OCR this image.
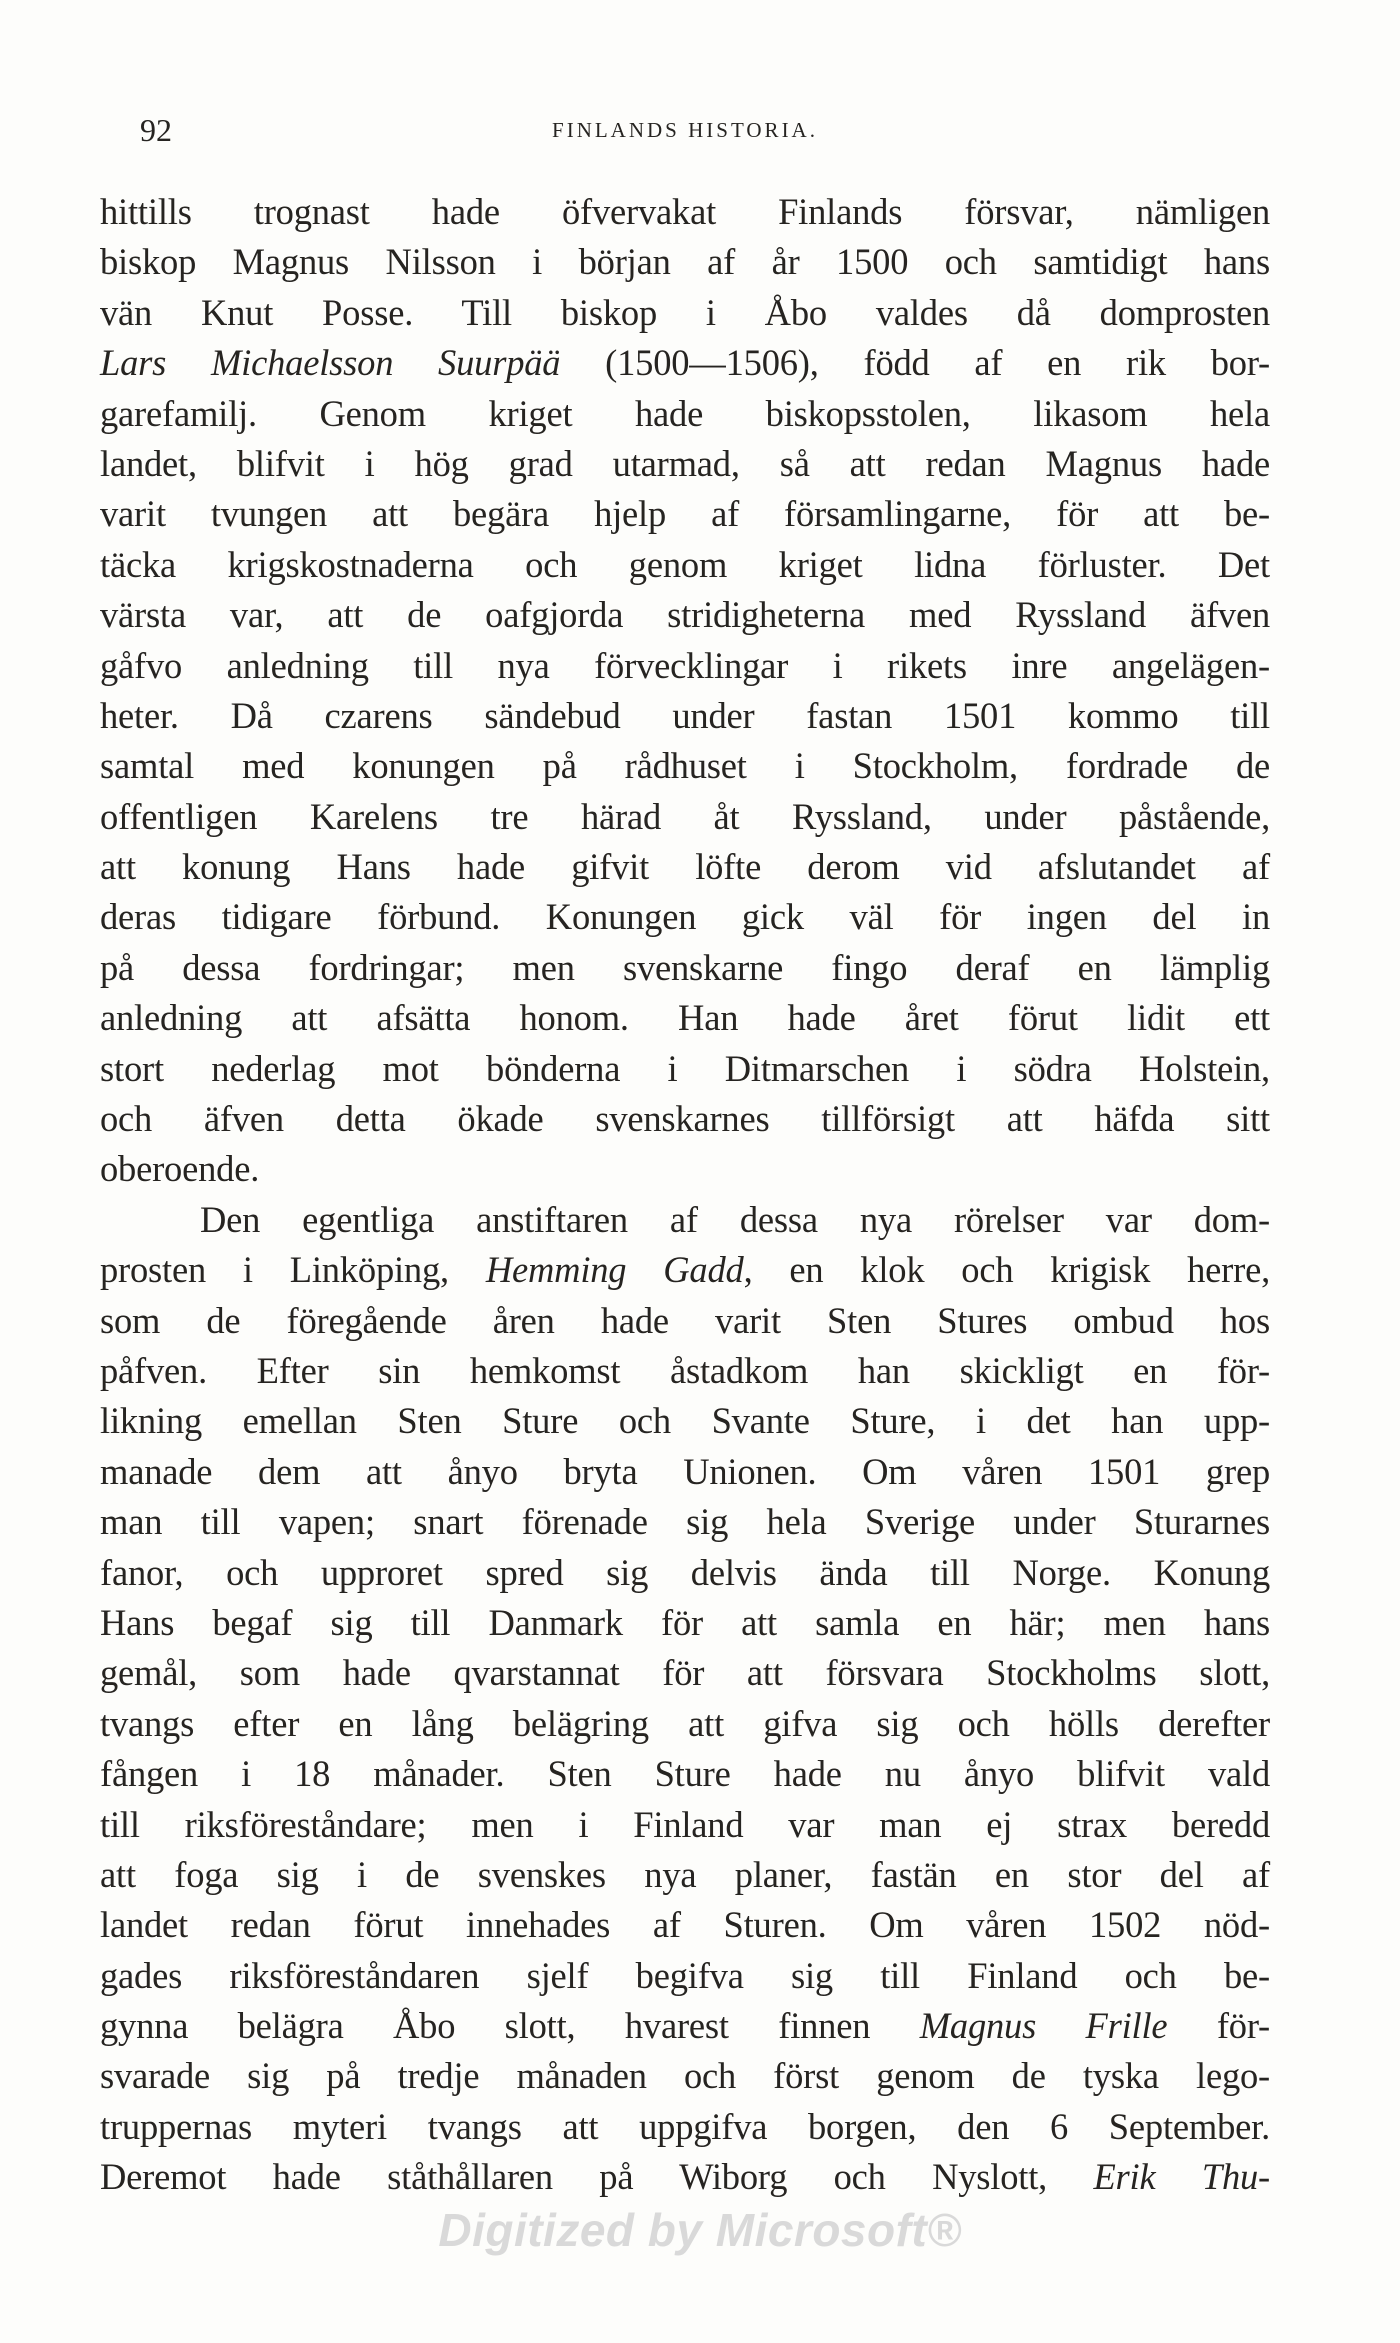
92	FINLANDS HISTORIA.
hittills trognast hade öfvervakat Finlands försvar, nämligen
biskop Magnus Nilsson i början af år 1500 och samtidigt hans
vän Knut Posse. Till biskop i Åbo valdes då domprosten
Lars Michaelsson Suurpää (1500—1506), född af en rik bor-
garefamilj. Genom kriget hade biskopsstolen, likasom hela
landet, blifvit i hög grad utarmad, så att redan Magnus hade
varit tvungen att begära hjelp af församlingarne, för att be-
täcka krigskostnaderna och genom kriget lidna förluster. Det
värsta var, att de oafgjorda stridigheterna med Ryssland äfven
gåfvo anledning till nya förvecklingar i rikets inre angelägen-
heter. Då czarens sändebud under fastan 1501 kommo till
samtal med konungen på rådhuset i Stockholm, fordrade de
offentligen Karelens tre härad åt Ryssland, under påstående,
att konung Hans hade gifvit löfte derom vid afslutandet af
deras tidigare förbund. Konungen gick väl för ingen del in
på dessa fordringar; men svenskarne fingo deraf en lämplig
anledning att afsätta honom. Han hade året förut lidit ett
stort nederlag mot bönderna i Ditmarschen i södra Holstein,
och äfven detta ökade svenskarnes tillförsigt att häfda sitt
oberoende.
Den egentliga anstiftaren af dessa nya rörelser var dom-
prosten i Linköping, Hemming Gadd, en klok och krigisk herre,
som de föregående åren hade varit Sten Stures ombud hos
påfven. Efter sin hemkomst åstadkom han skickligt en för-
likning emellan Sten Sture och Svante Sture, i det han upp-
manade dem att ånyo bryta Unionen. Om våren 1501 grep
man till vapen; snart förenade sig hela Sverige under Sturarnes
fanor, och upproret spred sig delvis ända till Norge. Konung
Hans begaf sig till Danmark för att samla en här; men hans
gemål, som hade qvarstannat för att försvara Stockholms slott,
tvangs efter en lång belägring att gifva sig och hölls derefter
fången i 18 månader. Sten Sture hade nu ånyo blifvit vald
till riksföreståndare; men i Finland var man ej strax beredd
att foga sig i de svenskes nya planer, fastän en stor del af
landet redan förut innehades af Sturen. Om våren 1502 nöd-
gades riksföreståndaren sjelf begifva sig till Finland och be-
gynna belägra Åbo slott, hvarest finnen Magnus Frille för-
svarade sig på tredje månaden och först genom de tyska lego-
truppernas myteri tvangs att uppgifva borgen, den 6 September.
Deremot hade ståthållaren på Wiborg och Nyslott, Erik Thu-
Digitized by Microsoft®
